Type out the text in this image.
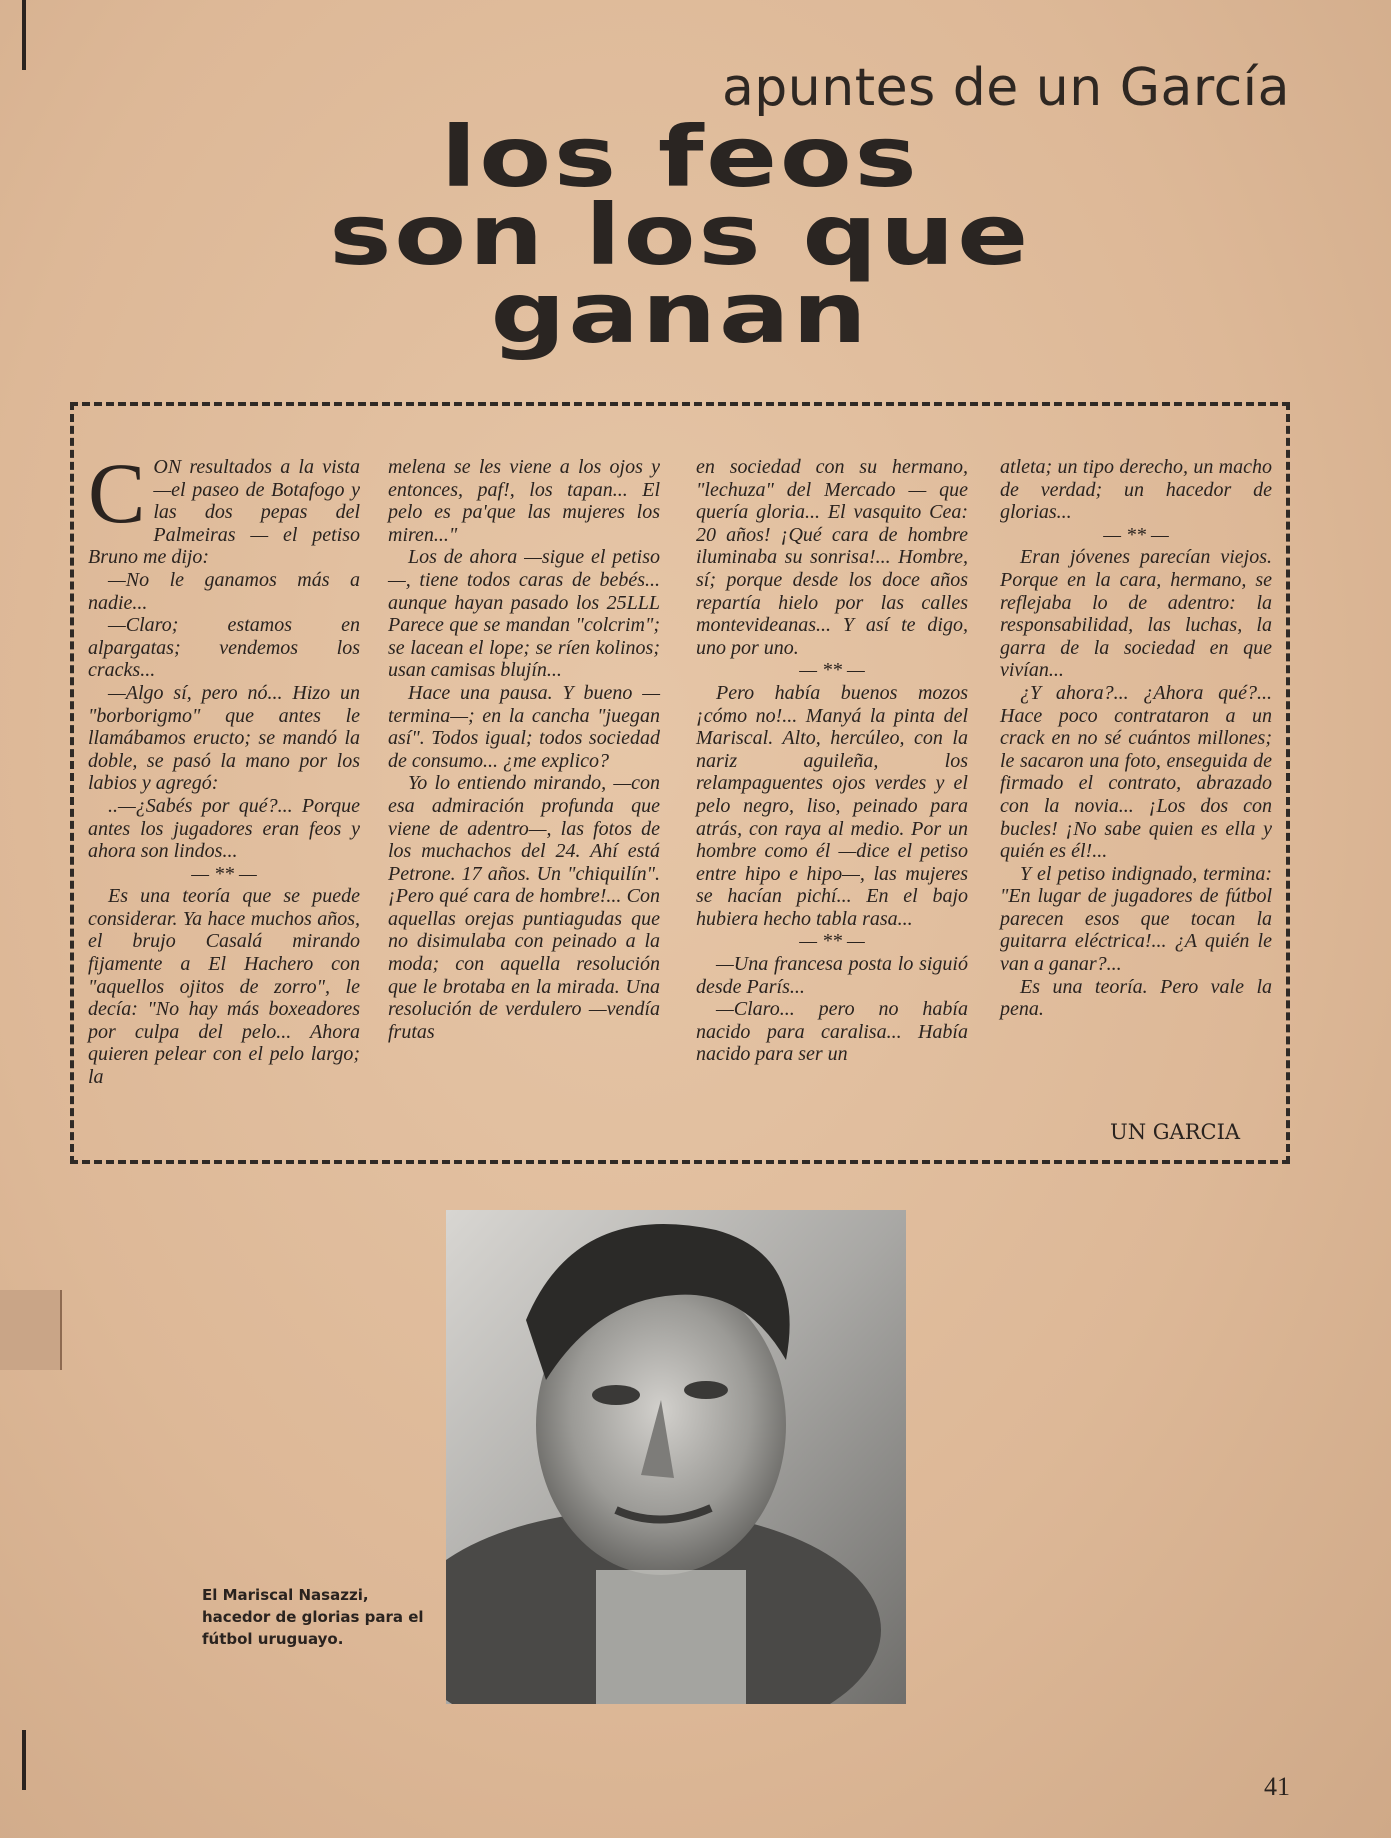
apuntes de un García
los feos
son los que
ganan

CON resultados a la vista —el paseo de Botafogo y las dos pepas del Palmeiras — el petiso Bruno me dijo:

—No le ganamos más a nadie...

—Claro; estamos en alpargatas; vendemos los cracks...

—Algo sí, pero nó... Hizo un "borborigmo" que antes le llamábamos eructo; se mandó la doble, se pasó la mano por los labios y agregó:

..—¿Sabés por qué?... Porque antes los jugadores eran feos y ahora son lindos...

— ** —

Es una teoría que se puede considerar. Ya hace muchos años, el brujo Casalá mirando fijamente a El Hachero con "aquellos ojitos de zorro", le decía: "No hay más boxeadores por culpa del pelo... Ahora quieren pelear con el pelo largo; la

melena se les viene a los ojos y entonces, paf!, los tapan... El pelo es pa'que las mujeres los miren..."

Los de ahora —sigue el petiso—, tiene todos caras de bebés... aunque hayan pasado los 25LLL Parece que se mandan "colcrim"; se lacean el lope; se ríen kolinos; usan camisas blujín...

Hace una pausa. Y bueno —termina—; en la cancha "juegan así". Todos igual; todos sociedad de consumo... ¿me explico?

Yo lo entiendo mirando, —con esa admiración profunda que viene de adentro—, las fotos de los muchachos del 24. Ahí está Petrone. 17 años. Un "chiquilín". ¡Pero qué cara de hombre!... Con aquellas orejas puntiagudas que no disimulaba con peinado a la moda; con aquella resolución que le brotaba en la mirada. Una resolución de verdulero —vendía frutas

en sociedad con su hermano, "lechuza" del Mercado — que quería gloria... El vasquito Cea: 20 años! ¡Qué cara de hombre iluminaba su sonrisa!... Hombre, sí; porque desde los doce años repartía hielo por las calles montevideanas... Y así te digo, uno por uno.

— ** —

Pero había buenos mozos ¡cómo no!... Manyá la pinta del Mariscal. Alto, hercúleo, con la nariz aguileña, los relampaguentes ojos verdes y el pelo negro, liso, peinado para atrás, con raya al medio. Por un hombre como él —dice el petiso entre hipo e hipo—, las mujeres se hacían pichí... En el bajo hubiera hecho tabla rasa...

— ** —

—Una francesa posta lo siguió desde París...

—Claro... pero no había nacido para caralisa... Había nacido para ser un

atleta; un tipo derecho, un macho de verdad; un hacedor de glorias...

— ** —

Eran jóvenes parecían viejos. Porque en la cara, hermano, se reflejaba lo de adentro: la responsabilidad, las luchas, la garra de la sociedad en que vivían...

¿Y ahora?... ¿Ahora qué?... Hace poco contrataron a un crack en no sé cuántos millones; le sacaron una foto, enseguida de firmado el contrato, abrazado con la novia... ¡Los dos con bucles! ¡No sabe quien es ella y quién es él!...

Y el petiso indignado, termina: "En lugar de jugadores de fútbol parecen esos que tocan la guitarra eléctrica!... ¿A quién le van a ganar?...

Es una teoría. Pero vale la pena.

UN GARCIA
El Mariscal Nasazzi, hacedor de glorias para el fútbol uruguayo.
41
